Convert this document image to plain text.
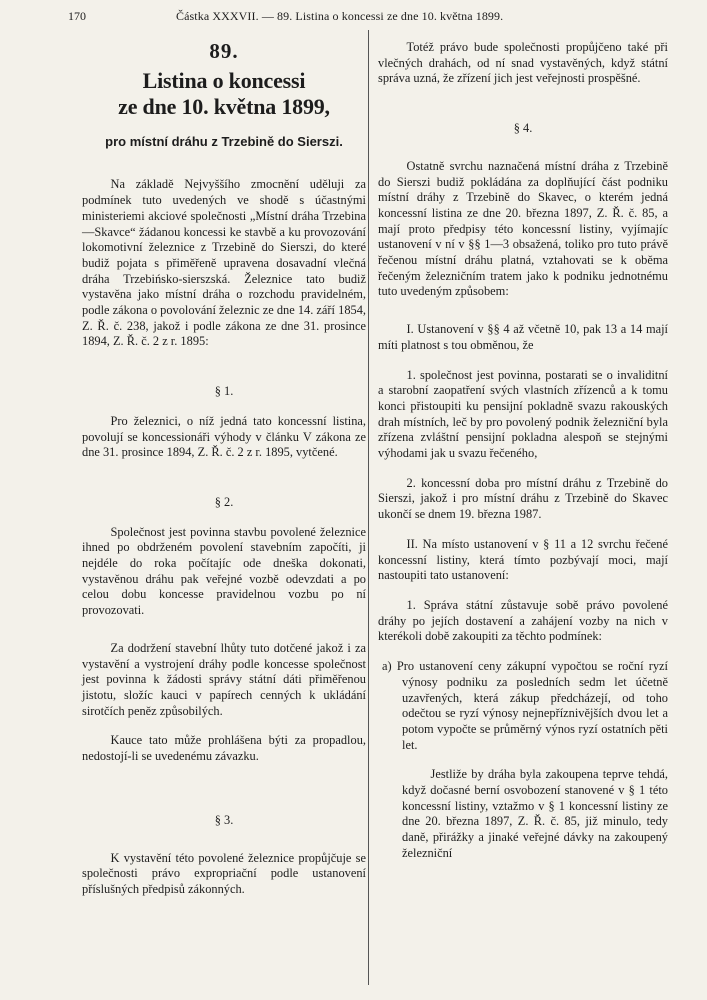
170	Částka XXXVII. — 89. Listina o koncessi ze dne 10. května 1899.

89.

Listina o koncessi

ze dne 10. května 1899,

pro místní dráhu z Trzebině do Sierszi.

Na základě Nejvyššího zmocnění uděluji za podmínek tuto uvedených ve shodě s účastnými ministeriemi akciové společnosti „Místní dráha Trzebina—Skavce“ žádanou koncessi ke stavbě a ku provozování lokomotivní železnice z Trzebině do Sierszi, do které budiž pojata s přiměřeně upravena dosavadní vlečná dráha Trzebińsko-sierszská. Železnice tato budiž vystavěna jako místní dráha o rozchodu pravidelném, podle zákona o povolování železnic ze dne 14. září 1854, Z. Ř. č. 238, jakož i podle zákona ze dne 31. prosince 1894, Z. Ř. č. 2 z r. 1895:

§ 1.

Pro železnici, o níž jedná tato koncessní listina, povolují se koncessionáři výhody v článku V zákona ze dne 31. prosince 1894, Z. Ř. č. 2 z r. 1895, vytčené.

§ 2.

Společnost jest povinna stavbu povolené železnice ihned po obdrženém povolení stavebním započíti, ji nejdéle do roka počítajíc ode dneška dokonati, vystavěnou dráhu pak veřejné vozbě odevzdati a po celou dobu koncesse pravidelnou vozbu po ní provozovati.

Za dodržení stavební lhůty tuto dotčené jakož i za vystavění a vystrojení dráhy podle koncesse společnost jest povinna k žádosti správy státní dáti přiměřenou jistotu, složíc kauci v papírech cenných k ukládání sirotčích peněz způsobilých.

Kauce tato může prohlášena býti za propadlou, nedostojí-li se uvedenému závazku.

§ 3.

K vystavění této povolené železnice propůjčuje se společnosti právo expropriační podle ustanovení příslušných předpisů zákonných.

Totéž právo bude společnosti propůjčeno také při vlečných drahách, od ní snad vystavěných, když státní správa uzná, že zřízení jich jest veřejnosti prospěšné.

§ 4.

Ostatně svrchu naznačená místní dráha z Trzebině do Sierszi budiž pokládána za doplňující část podniku místní dráhy z Trzebině do Skavec, o kterém jedná koncessní listina ze dne 20. března 1897, Z. Ř. č. 85, a mají proto předpisy této koncessní listiny, vyjímajíc ustanovení v ní v §§ 1—3 obsažená, toliko pro tuto právě řečenou místní dráhu platná, vztahovati se k oběma řečeným železničním tratem jako k podniku jednotnému tuto uvedeným způsobem:

I. Ustanovení v §§ 4 až včetně 10, pak 13 a 14 mají míti platnost s tou obměnou, že

1. společnost jest povinna, postarati se o invaliditní a starobní zaopatření svých vlastních zřízenců a k tomu konci přistoupiti ku pensijní pokladně svazu rakouských drah místních, leč by pro povolený podnik železniční byla zřízena zvláštní pensijní pokladna alespoň se stejnými výhodami jak u svazu řečeného,

2. koncessní doba pro místní dráhu z Trzebině do Sierszi, jakož i pro místní dráhu z Trzebině do Skavec ukončí se dnem 19. března 1987.

II. Na místo ustanovení v § 11 a 12 svrchu řečené koncessní listiny, která tímto pozbývají moci, mají nastoupiti tato ustanovení:

1. Správa státní zůstavuje sobě právo povolené dráhy po jejích dostavení a zahájení vozby na nich v kterékoli době zakoupiti za těchto podmínek:

a) Pro ustanovení ceny zákupní vypočtou se roční ryzí výnosy podniku za posledních sedm let účetně uzavřených, která zákup předcházejí, od toho odečtou se ryzí výnosy nejnepříznivějších dvou let a potom vypočte se průměrný výnos ryzí ostatních pěti let.

Jestliže by dráha byla zakoupena teprve tehdá, když dočasné berní osvobození stanovené v § 1 této koncessní listiny, vztažmo v § 1 koncessní listiny ze dne 20. března 1897, Z. Ř. č. 85, již minulo, tedy daně, přirážky a jinaké veřejné dávky na zakoupený železniční
